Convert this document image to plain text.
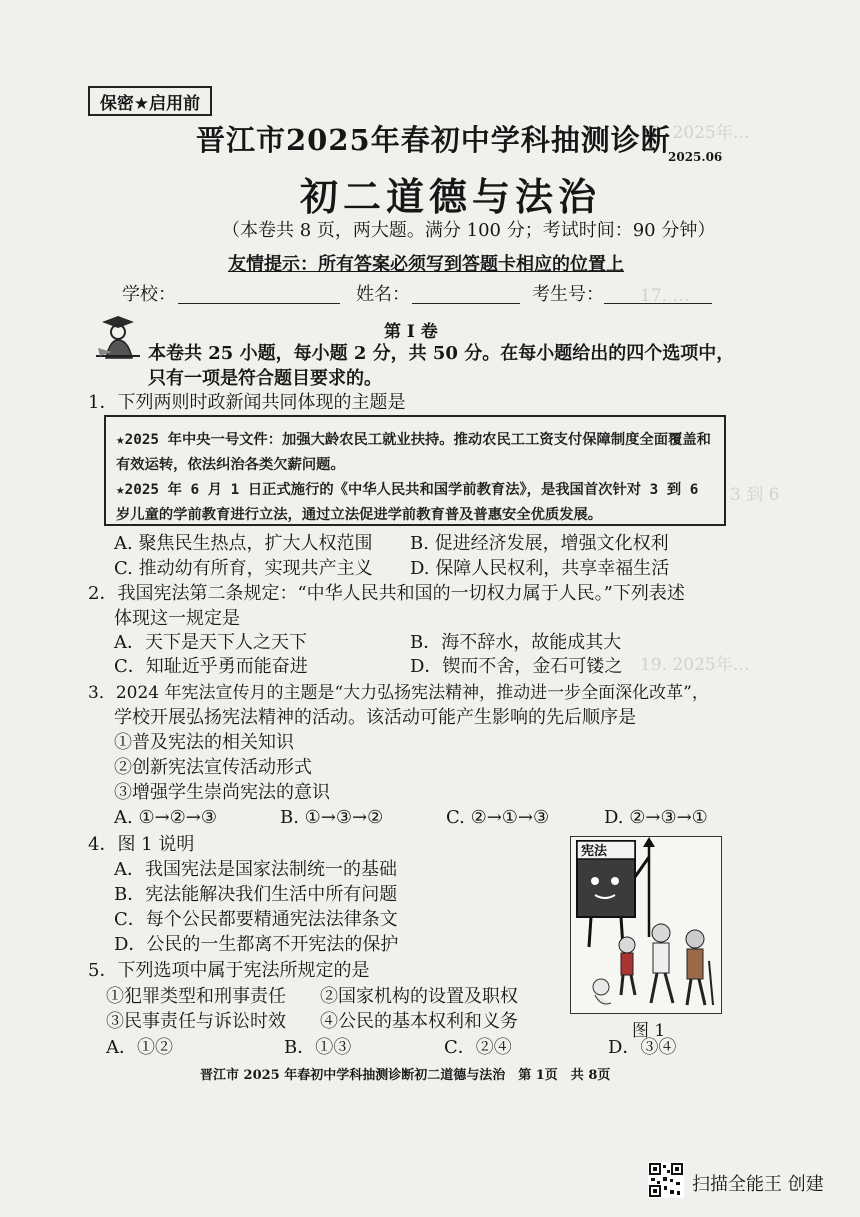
18. 2025年…
17. …
3 到 6
19. 2025年…
保密★启用前
晋江市2025年春初中学科抽测诊断
2025.06
初二道德与法治
（本卷共 8 页，两大题。满分 100 分；考试时间：90 分钟）
友情提示：所有答案必须写到答题卡相应的位置上
学校：	姓名：	考生号：
第 I 卷
本卷共 25 小题，每小题 2 分，共 50 分。在每小题给出的四个选项中，
只有一项是符合题目要求的。
1．下列两则时政新闻共同体现的主题是

★2025 年中央一号文件：加强大龄农民工就业扶持。推动农民工工资支付保障制度全面覆盖和有效运转，依法纠治各类欠薪问题。

★2025 年 6 月 1 日正式施行的《中华人民共和国学前教育法》，是我国首次针对 3 到 6 岁儿童的学前教育进行立法，通过立法促进学前教育普及普惠安全优质发展。

A. 聚焦民生热点，扩大人权范围 B. 促进经济发展，增强文化权利
C. 推动幼有所育，实现共产主义 D. 保障人民权利，共享幸福生活
2．我国宪法第二条规定：“中华人民共和国的一切权力属于人民。”下列表述
体现这一规定是
A．天下是天下人之天下	B．海不辞水，故能成其大
C．知耻近乎勇而能奋进	D．锲而不舍，金石可镂之
3．2024 年宪法宣传月的主题是“大力弘扬宪法精神，推动进一步全面深化改革”，
学校开展弘扬宪法精神的活动。该活动可能产生影响的先后顺序是
①普及宪法的相关知识
②创新宪法宣传活动形式
③增强学生崇尚宪法的意识
A. ①→②→③	B. ①→③→②	C. ②→①→③	D. ②→③→①
4．图 1 说明
A．我国宪法是国家法制统一的基础
B．宪法能解决我们生活中所有问题
C．每个公民都要精通宪法法律条文
D．公民的一生都离不开宪法的保护
宪法
图 1
5．下列选项中属于宪法所规定的是
①犯罪类型和刑事责任 ②国家机构的设置及职权
③民事责任与诉讼时效 ④公民的基本权利和义务
A．①②	B．①③	C．②④	D．③④
晋江市 2025 年春初中学科抽测诊断初二道德与法治　第 1页　共 8页
扫描全能王 创建
